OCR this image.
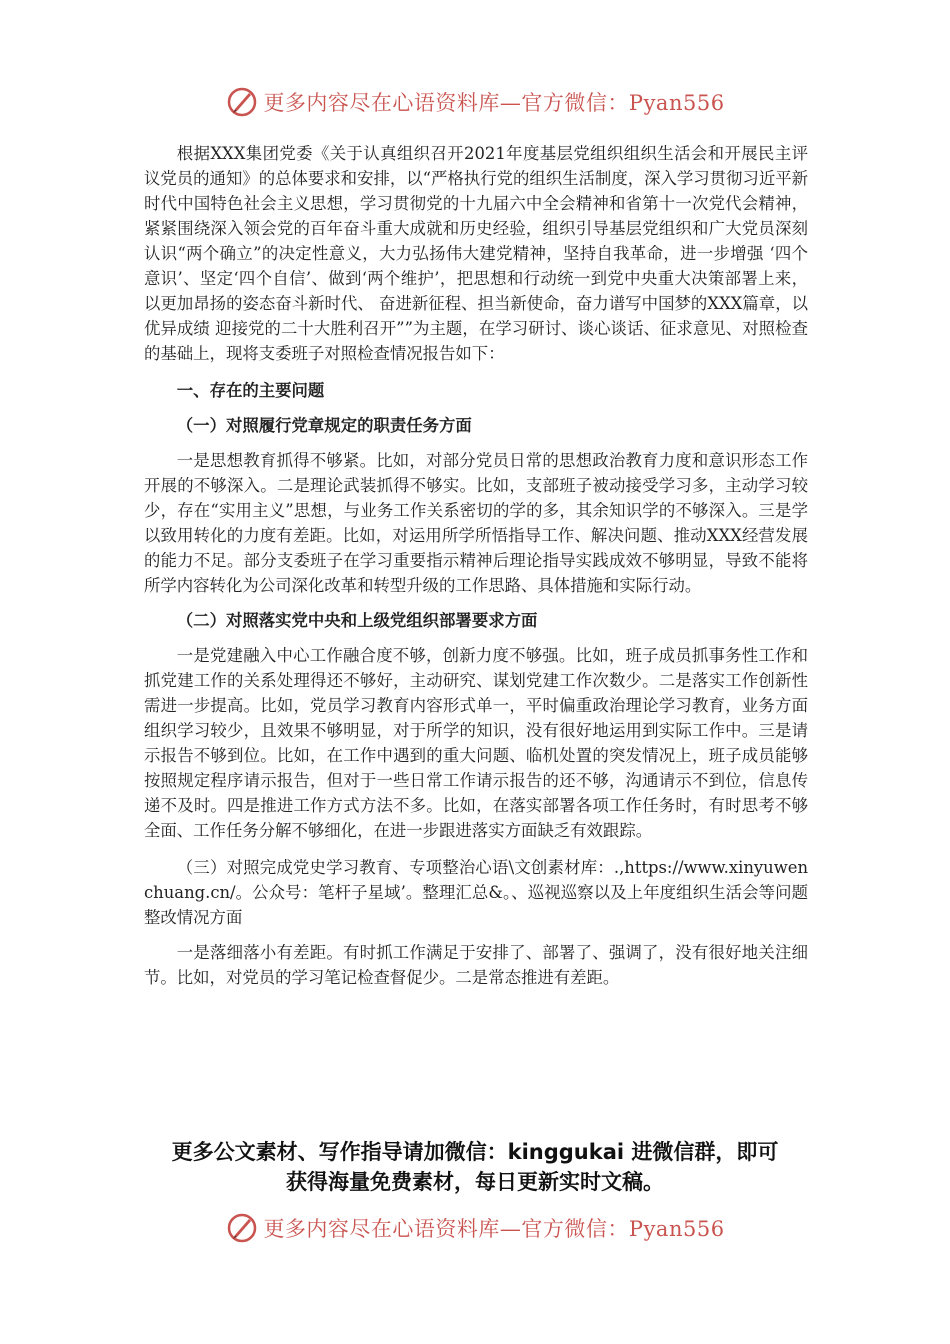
更多内容尽在心语资料库—官方微信：Pyan556

根据XXX集团党委《关于认真组织召开2021年度基层党组织组织生活会和开展民主评议党员的通知》的总体要求和安排，以“严格执行党的组织生活制度，深入学习贯彻习近平新时代中国特色社会主义思想，学习贯彻党的十九届六中全会精神和省第十一次党代会精神，紧紧围绕深入领会党的百年奋斗重大成就和历史经验，组织引导基层党组织和广大党员深刻认识“两个确立”的决定性意义，大力弘扬伟大建党精神，坚持自我革命，进一步增强 ‘四个意识’、坚定‘四个自信’、做到‘两个维护’，把思想和行动统一到党中央重大决策部署上来，以更加昂扬的姿态奋斗新时代、 奋进新征程、担当新使命，奋力谱写中国梦的XXX篇章，以优异成绩 迎接党的二十大胜利召开””为主题，在学习研讨、谈心谈话、征求意见、对照检查的基础上，现将支委班子对照检查情况报告如下：

一、存在的主要问题

（一）对照履行党章规定的职责任务方面

一是思想教育抓得不够紧。比如，对部分党员日常的思想政治教育力度和意识形态工作开展的不够深入。二是理论武装抓得不够实。比如，支部班子被动接受学习多，主动学习较少，存在“实用主义”思想，与业务工作关系密切的学的多，其余知识学的不够深入。三是学以致用转化的力度有差距。比如，对运用所学所悟指导工作、解决问题、推动XXX经营发展的能力不足。部分支委班子在学习重要指示精神后理论指导实践成效不够明显，导致不能将所学内容转化为公司深化改革和转型升级的工作思路、具体措施和实际行动。

（二）对照落实党中央和上级党组织部署要求方面

一是党建融入中心工作融合度不够，创新力度不够强。比如，班子成员抓事务性工作和抓党建工作的关系处理得还不够好，主动研究、谋划党建工作次数少。二是落实工作创新性需进一步提高。比如，党员学习教育内容形式单一，平时偏重政治理论学习教育，业务方面组织学习较少，且效果不够明显，对于所学的知识，没有很好地运用到实际工作中。三是请示报告不够到位。比如，在工作中遇到的重大问题、临机处置的突发情况上，班子成员能够按照规定程序请示报告，但对于一些日常工作请示报告的还不够，沟通请示不到位，信息传递不及时。四是推进工作方式方法不多。比如，在落实部署各项工作任务时，有时思考不够全面、工作任务分解不够细化，在进一步跟进落实方面缺乏有效跟踪。

（三）对照完成党史学习教育、专项整治心语\文创素材库：.,https://www.xinyuwenchuang.cn/。公众号：笔杆子星域’。整理汇总&。、巡视巡察以及上年度组织生活会等问题整改情况方面

一是落细落小有差距。有时抓工作满足于安排了、部署了、强调了，没有很好地关注细节。比如，对党员的学习笔记检查督促少。二是常态推进有差距。

更多公文素材、写作指导请加微信：kinggukai 进微信群，即可
获得海量免费素材，每日更新实时文稿。
更多内容尽在心语资料库—官方微信：Pyan556
